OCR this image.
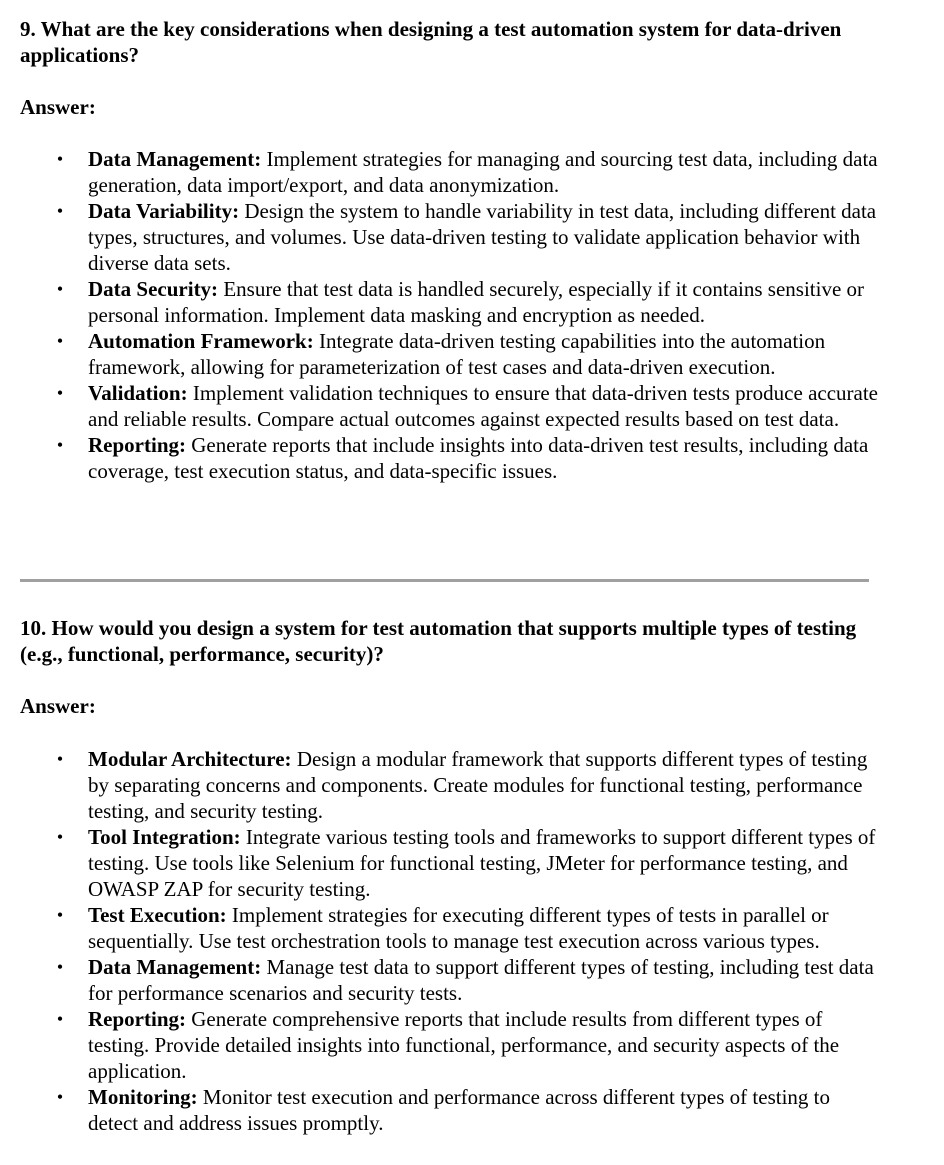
9. What are the key considerations when designing a test automation system for data-driven applications?

Answer:

•	Data Management: Implement strategies for managing and sourcing test data, including data generation, data import/export, and data anonymization.
•	Data Variability: Design the system to handle variability in test data, including different data types, structures, and volumes. Use data-driven testing to validate application behavior with diverse data sets.
•	Data Security: Ensure that test data is handled securely, especially if it contains sensitive or personal information. Implement data masking and encryption as needed.
•	Automation Framework: Integrate data-driven testing capabilities into the automation framework, allowing for parameterization of test cases and data-driven execution.
•	Validation: Implement validation techniques to ensure that data-driven tests produce accurate and reliable results. Compare actual outcomes against expected results based on test data.
•	Reporting: Generate reports that include insights into data-driven test results, including data coverage, test execution status, and data-specific issues.

10. How would you design a system for test automation that supports multiple types of testing (e.g., functional, performance, security)?

Answer:

•	Modular Architecture: Design a modular framework that supports different types of testing by separating concerns and components. Create modules for functional testing, performance testing, and security testing.
•	Tool Integration: Integrate various testing tools and frameworks to support different types of testing. Use tools like Selenium for functional testing, JMeter for performance testing, and OWASP ZAP for security testing.
•	Test Execution: Implement strategies for executing different types of tests in parallel or sequentially. Use test orchestration tools to manage test execution across various types.
•	Data Management: Manage test data to support different types of testing, including test data for performance scenarios and security tests.
•	Reporting: Generate comprehensive reports that include results from different types of testing. Provide detailed insights into functional, performance, and security aspects of the application.
•	Monitoring: Monitor test execution and performance across different types of testing to detect and address issues promptly.
